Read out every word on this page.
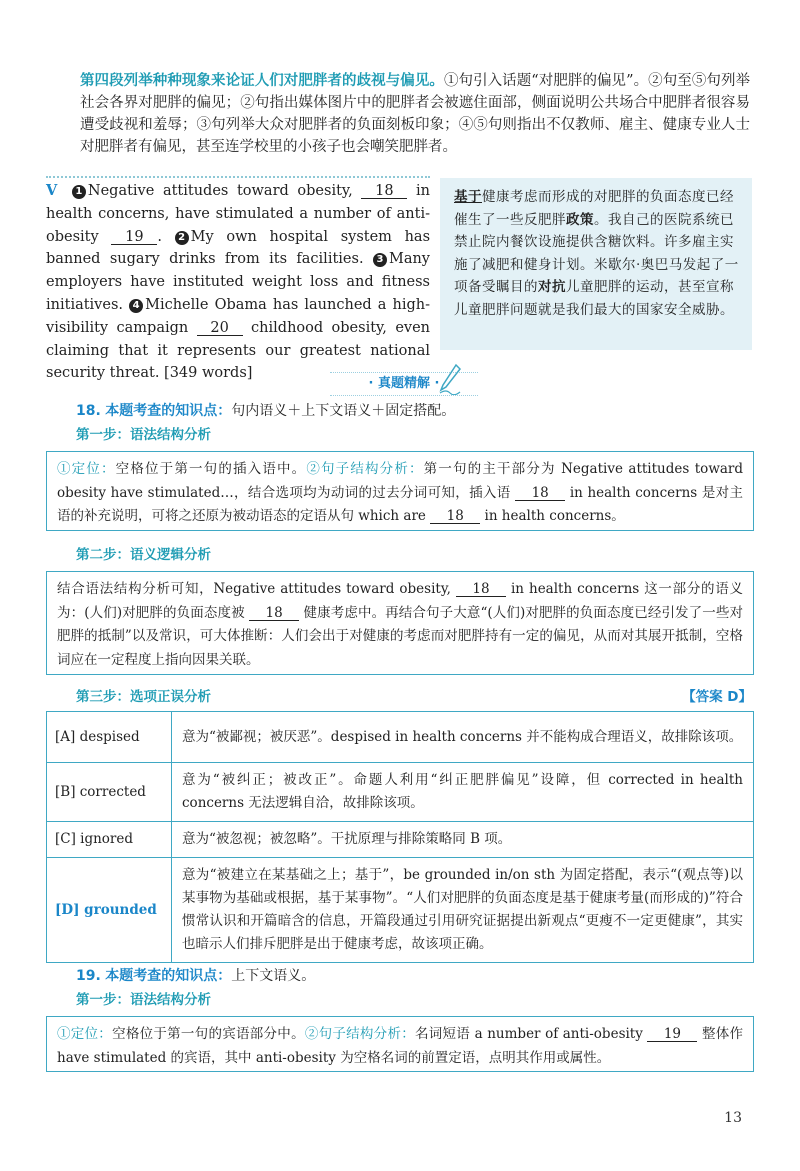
第四段列举种种现象来论证人们对肥胖者的歧视与偏见。①句引入话题“对肥胖的偏见”。②句至⑤句列举社会各界对肥胖的偏见；②句指出媒体图片中的肥胖者会被遮住面部，侧面说明公共场合中肥胖者很容易遭受歧视和羞辱；③句列举大众对肥胖者的负面刻板印象；④⑤句则指出不仅教师、雇主、健康专业人士对肥胖者有偏见，甚至连学校里的小孩子也会嘲笑肥胖者。
V 1 Negative attitudes toward obesity, 18 in health concerns, have stimulated a number of anti-obesity 19 . 2 My own hospital system has banned sugary drinks from its facilities. 3 Many employers have instituted weight loss and fitness initiatives. 4 Michelle Obama has launched a high-visibility campaign 20 childhood obesity, even claiming that it represents our greatest national security threat. [349 words]
基于健康考虑而形成的对肥胖的负面态度已经催生了一些反肥胖政策。我自己的医院系统已禁止院内餐饮设施提供含糖饮料。许多雇主实施了减肥和健身计划。米歇尔·奥巴马发起了一项备受瞩目的对抗儿童肥胖的运动，甚至宣称儿童肥胖问题就是我们最大的国家安全威胁。
· 真题精解 ·
18. 本题考查的知识点：句内语义＋上下文语义＋固定搭配。
第一步：语法结构分析
①定位：空格位于第一句的插入语中。②句子结构分析：第一句的主干部分为 Negative attitudes toward obesity have stimulated…，结合选项均为动词的过去分词可知，插入语 18 in health concerns 是对主语的补充说明，可将之还原为被动语态的定语从句 which are 18 in health concerns。
第二步：语义逻辑分析
结合语法结构分析可知，Negative attitudes toward obesity, 18 in health concerns 这一部分的语义为：(人们)对肥胖的负面态度被 18 健康考虑中。再结合句子大意“(人们)对肥胖的负面态度已经引发了一些对肥胖的抵制”以及常识，可大体推断：人们会出于对健康的考虑而对肥胖持有一定的偏见，从而对其展开抵制，空格词应在一定程度上指向因果关联。
第三步：选项正误分析	【答案 D】
[A] despised	意为“被鄙视；被厌恶”。despised in health concerns 并不能构成合理语义，故排除该项。
[B] corrected	意为“被纠正；被改正”。命题人利用“纠正肥胖偏见”设障，但 corrected in health concerns 无法逻辑自洽，故排除该项。
[C] ignored	意为“被忽视；被忽略”。干扰原理与排除策略同 B 项。
[D] grounded	意为“被建立在某基础之上；基于”，be grounded in/on sth 为固定搭配，表示“(观点等)以某事物为基础或根据，基于某事物”。“人们对肥胖的负面态度是基于健康考量(而形成的)”符合惯常认识和开篇暗含的信息，开篇段通过引用研究证据提出新观点“更瘦不一定更健康”，其实也暗示人们排斥肥胖是出于健康考虑，故该项正确。
19. 本题考查的知识点：上下文语义。
第一步：语法结构分析
①定位：空格位于第一句的宾语部分中。②句子结构分析：名词短语 a number of anti-obesity 19 整体作 have stimulated 的宾语，其中 anti-obesity 为空格名词的前置定语，点明其作用或属性。
13
